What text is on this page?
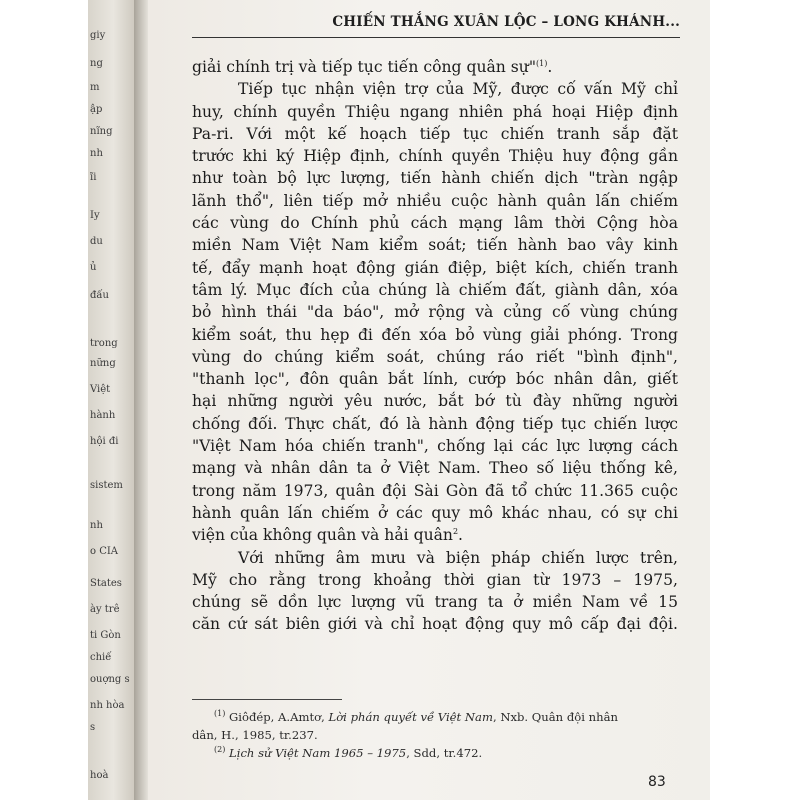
giy
ng
m
ập
nĩng
nh
ĩi
Iy
du
ủ
đấu
trong
nững
Việt
hành
hội đi
sistem
nh
o CIA
States
ày trê
ti Gòn
chiế
ouợng s
nh hòa
s
hoà
CHIẾN THẮNG XUÂN LỘC – LONG KHÁNH...
giải chính trị và tiếp tục tiến công quân sự"$^{(1)}$.
Tiếp tục nhận viện trợ của Mỹ, được cố vấn Mỹ chỉ
huy, chính quyền Thiệu ngang nhiên phá hoại Hiệp định
Pa-ri. Với một kế hoạch tiếp tục chiến tranh sắp đặt
trước khi ký Hiệp định, chính quyền Thiệu huy động gần
như toàn bộ lực lượng, tiến hành chiến dịch "tràn ngập
lãnh thổ", liên tiếp mở nhiều cuộc hành quân lấn chiếm
các vùng do Chính phủ cách mạng lâm thời Cộng hòa
miền Nam Việt Nam kiểm soát; tiến hành bao vây kinh
tế, đẩy mạnh hoạt động gián điệp, biệt kích, chiến tranh
tâm lý. Mục đích của chúng là chiếm đất, giành dân, xóa
bỏ hình thái "da báo", mở rộng và củng cố vùng chúng
kiểm soát, thu hẹp đi đến xóa bỏ vùng giải phóng. Trong
vùng do chúng kiểm soát, chúng ráo riết "bình định",
"thanh lọc", đôn quân bắt lính, cướp bóc nhân dân, giết
hại những người yêu nước, bắt bớ tù đày những người
chống đối. Thực chất, đó là hành động tiếp tục chiến lược
"Việt Nam hóa chiến tranh", chống lại các lực lượng cách
mạng và nhân dân ta ở Việt Nam. Theo số liệu thống kê,
trong năm 1973, quân đội Sài Gòn đã tổ chức 11.365 cuộc
hành quân lấn chiếm ở các quy mô khác nhau, có sự chi
viện của không quân và hải quân$^2$.
Với những âm mưu và biện pháp chiến lược trên,
Mỹ cho rằng trong khoảng thời gian từ 1973 – 1975,
chúng sẽ dồn lực lượng vũ trang ta ở miền Nam về 15
căn cứ sát biên giới và chỉ hoạt động quy mô cấp đại đội.
$^{(1)}$ Giôđép, A.Amtơ, Lời phán quyết về Việt Nam, Nxb. Quân đội nhân
dân, H., 1985, tr.237.
$^{(2)}$ Lịch sử Việt Nam 1965 – 1975, Sdd, tr.472.
83
